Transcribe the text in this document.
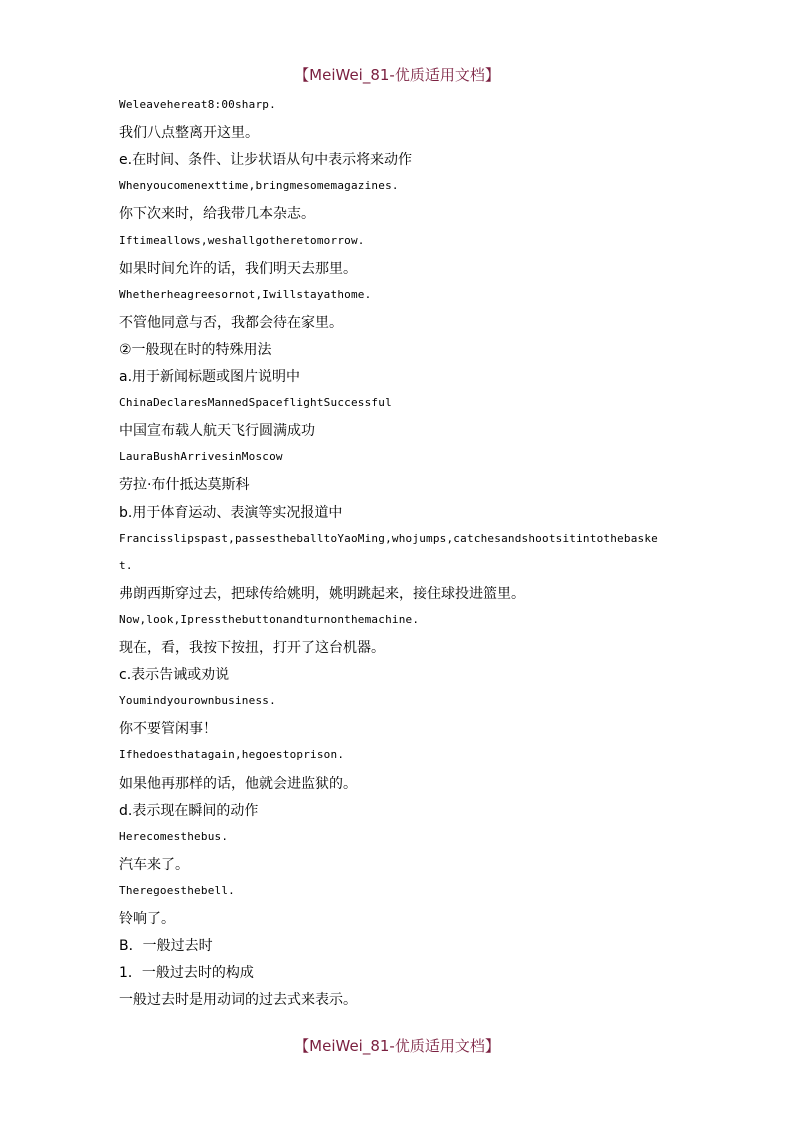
【MeiWei_81-优质适用文档】
Weleavehereat8:00sharp.
我们八点整离开这里。
e.在时间、条件、让步状语从句中表示将来动作
Whenyoucomenexttime,bringmesomemagazines.
你下次来时，给我带几本杂志。
Iftimeallows,weshallgotheretomorrow.
如果时间允许的话，我们明天去那里。
Whetherheagreesornot,Iwillstayathome.
不管他同意与否，我都会待在家里。
②一般现在时的特殊用法
a.用于新闻标题或图片说明中
ChinaDeclaresMannedSpaceflightSuccessful
中国宣布载人航天飞行圆满成功
LauraBushArrivesinMoscow
劳拉·布什抵达莫斯科
b.用于体育运动、表演等实况报道中
Francisslipspast,passestheballtoYaoMing,whojumps,catchesandshootsitintothebaske
t.
弗朗西斯穿过去，把球传给姚明，姚明跳起来，接住球投进篮里。
Now,look,Ipressthebuttonandturnonthemachine.
现在，看，我按下按扭，打开了这台机器。
c.表示告诫或劝说
Youmindyourownbusiness.
你不要管闲事！
Ifhedoesthatagain,hegoestoprison.
如果他再那样的话，他就会进监狱的。
d.表示现在瞬间的动作
Herecomesthebus.
汽车来了。
Theregoesthebell.
铃响了。
B．一般过去时
1．一般过去时的构成
一般过去时是用动词的过去式来表示。
【MeiWei_81-优质适用文档】
